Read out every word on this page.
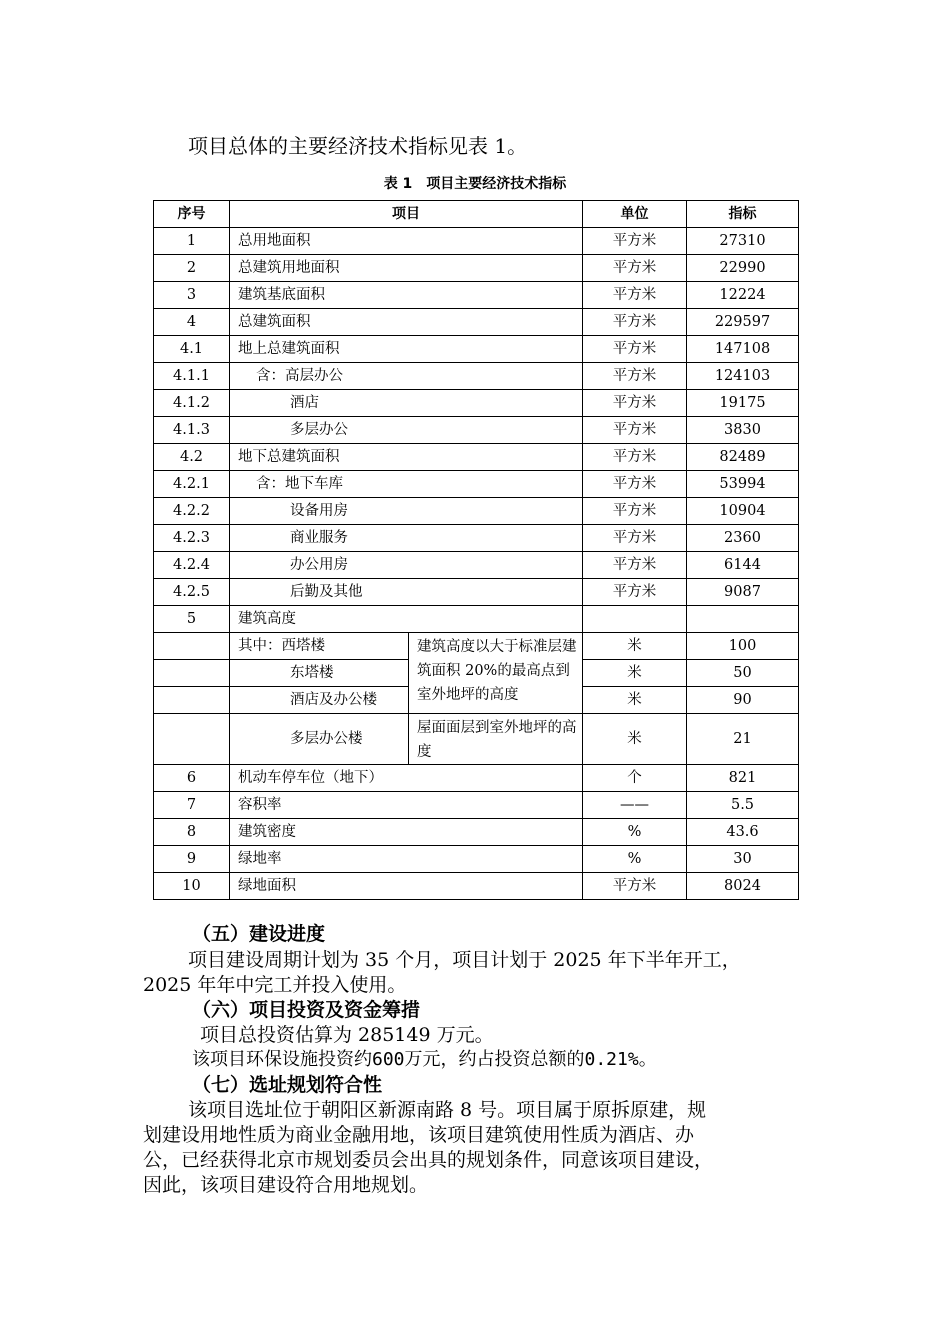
项目总体的主要经济技术指标见表 1。
表 1 项目主要经济技术指标
序号	项目		单位	指标
1	总用地面积		平方米	27310
2	总建筑用地面积		平方米	22990
3	建筑基底面积		平方米	12224
4	总建筑面积		平方米	229597
4.1	地上总建筑面积		平方米	147108
4.1.1	含：高层办公		平方米	124103
4.1.2	酒店		平方米	19175
4.1.3	多层办公		平方米	3830
4.2	地下总建筑面积		平方米	82489
4.2.1	含：地下车库		平方米	53994
4.2.2	设备用房		平方米	10904
4.2.3	商业服务		平方米	2360
4.2.4	办公用房		平方米	6144
4.2.5	后勤及其他		平方米	9087
5	建筑高度			
	其中：西塔楼	建筑高度以大于标准层建筑面积 20%的最高点到室外地坪的高度	米	100
	东塔楼		米	50
	酒店及办公楼		米	90
	多层办公楼	屋面面层到室外地坪的高度	米	21
6	机动车停车位（地下）		个	821
7	容积率		——	5.5
8	建筑密度		%	43.6
9	绿地率		%	30
10	绿地面积		平方米	8024
（五）建设进度
项目建设周期计划为 35 个月，项目计划于 2025 年下半年开工，
2025 年年中完工并投入使用。
（六）项目投资及资金筹措
项目总投资估算为 285149 万元。
该项目环保设施投资约600万元，约占投资总额的0.21%。
（七）选址规划符合性
该项目选址位于朝阳区新源南路 8 号。项目属于原拆原建，规
划建设用地性质为商业金融用地，该项目建筑使用性质为酒店、办
公，已经获得北京市规划委员会出具的规划条件，同意该项目建设，
因此，该项目建设符合用地规划。
